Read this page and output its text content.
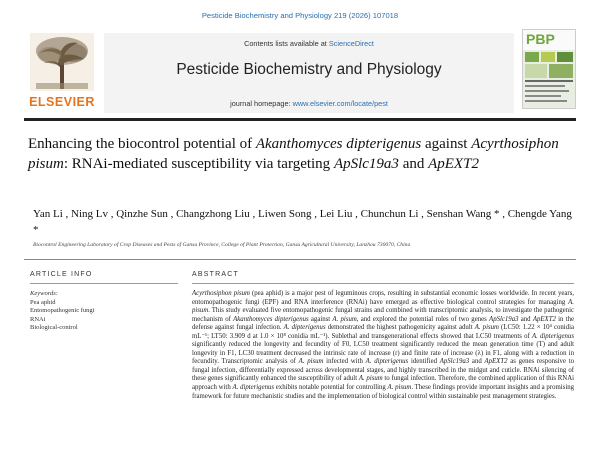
Pesticide Biochemistry and Physiology 219 (2026) 107018
ELSEVIER
Contents lists available at ScienceDirect
Pesticide Biochemistry and Physiology
journal homepage: www.elsevier.com/locate/pest
PBP
Enhancing the biocontrol potential of Akanthomyces dipterigenus against Acyrthosiphon pisum: RNAi-mediated susceptibility via targeting ApSlc19a3 and ApEXT2
Yan Li , Ning Lv , Qinzhe Sun , Changzhong Liu , Liwen Song , Lei Liu , Chunchun Li , Senshan Wang * , Chengde Yang *
Biocontrol Engineering Laboratory of Crop Diseases and Pests of Gansu Province, College of Plant Protection, Gansu Agricultural University, Lanzhou 730070, China
ARTICLE INFO	ABSTRACT
Keywords:
Pea aphid
Entomopathogenic fungi
RNAi
Biological-control

Acyrthosiphon pisum (pea aphid) is a major pest of leguminous crops, resulting in substantial economic losses worldwide. In recent years, entomopathogenic fungi (EPF) and RNA interference (RNAi) have emerged as effective biological control strategies for managing A. pisum. This study evaluated five entomopathogenic fungal strains and combined with transcriptomic analysis, to investigate the pathogenic mechanism of Akanthomyces dipterigenus against A. pisum, and explored the potential roles of two genes ApSlc19a3 and ApEXT2 in the defense against fungal infection. A. dipterigenus demonstrated the highest pathogenicity against adult A. pisum (LC50: 1.22 × 10⁴ conidia mL⁻¹; LT50: 3.909 d at 1.0 × 10⁸ conidia mL⁻¹). Sublethal and transgenerational effects showed that LC50 treatments of A. dipterigenus significantly reduced the longevity and fecundity of F0, LC50 treatment significantly reduced the mean generation time (T) and adult longevity in F1, LC30 treatment decreased the intrinsic rate of increase (r) and finite rate of increase (λ) in F1, along with a reduction in fecundity. Transcriptomic analysis of A. pisum infected with A. dipterigenus identified ApSlc19a3 and ApEXT2 as genes responsive to fungal infection, differentially expressed across developmental stages, and highly transcribed in the midgut and cuticle. RNAi silencing of these genes significantly enhanced the susceptibility of adult A. pisum to fungal infection. Therefore, the combined application of this RNAi approach with A. dipterigenus exhibits notable potential for controlling A. pisum. These findings provide important insights and a promising framework for future mechanistic studies and the implementation of biological control within sustainable pest management strategies.
